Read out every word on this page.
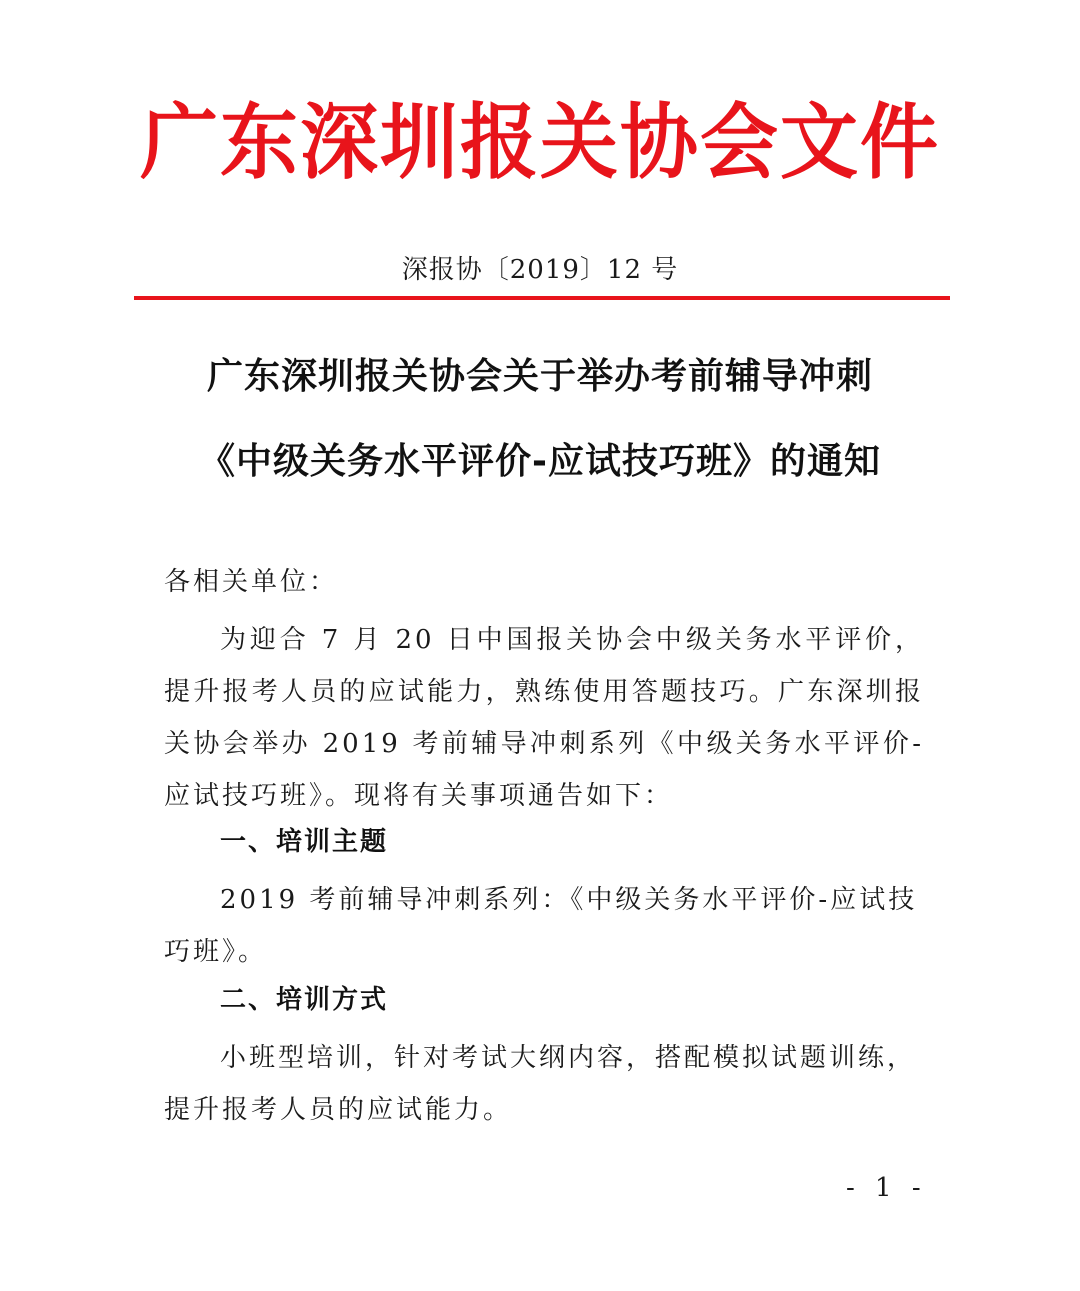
广东深圳报关协会文件
深报协〔2019〕12 号
广东深圳报关协会关于举办考前辅导冲刺
《中级关务水平评价-应试技巧班》的通知

各相关单位：

为迎合 7 月 20 日中国报关协会中级关务水平评价，提升报考人员的应试能力，熟练使用答题技巧。广东深圳报关协会举办 2019 考前辅导冲刺系列《中级关务水平评价-应试技巧班》。现将有关事项通告如下：

一、培训主题

2019 考前辅导冲刺系列：《中级关务水平评价-应试技巧班》。

二、培训方式

小班型培训，针对考试大纲内容，搭配模拟试题训练，提升报考人员的应试能力。

- 1 -
